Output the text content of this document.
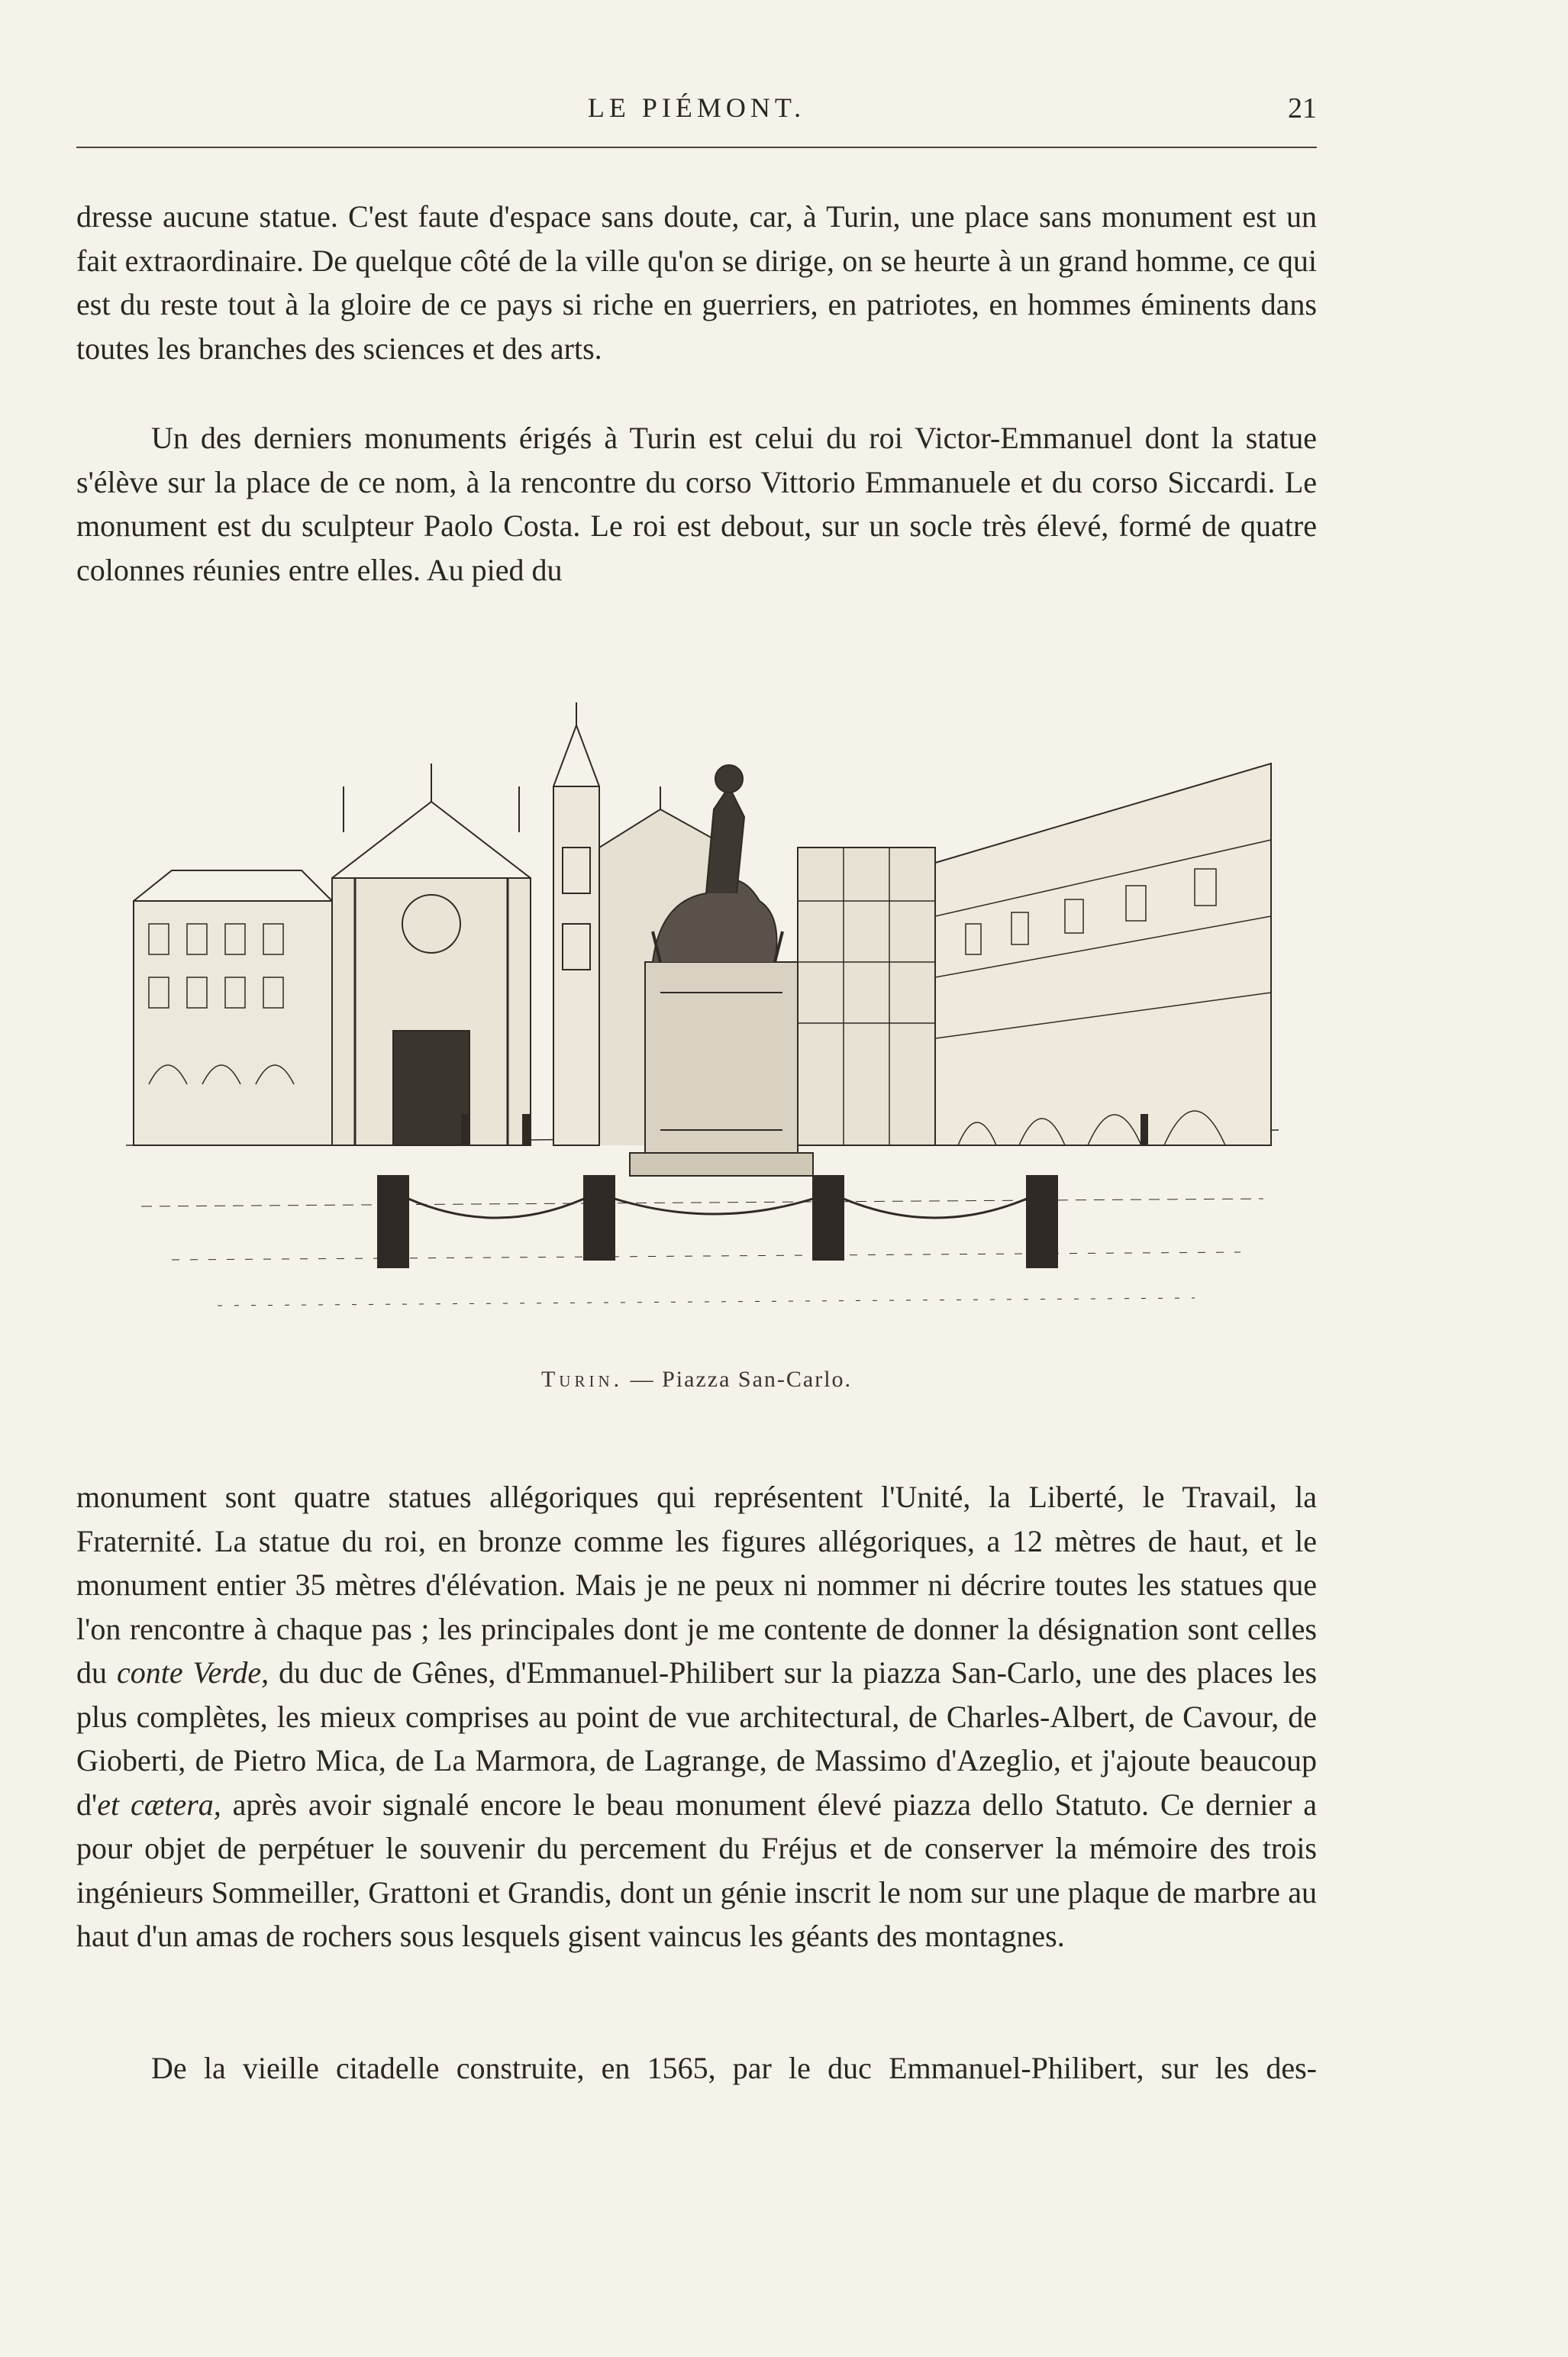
LE PIÉMONT.	21

dresse aucune statue. C'est faute d'espace sans doute, car, à Turin, une place sans monument est un fait extraordinaire. De quelque côté de la ville qu'on se dirige, on se heurte à un grand homme, ce qui est du reste tout à la gloire de ce pays si riche en guerriers, en patriotes, en hommes éminents dans toutes les branches des sciences et des arts.

Un des derniers monuments érigés à Turin est celui du roi Victor-Emmanuel dont la statue s'élève sur la place de ce nom, à la rencontre du corso Vittorio Emmanuele et du corso Siccardi. Le monument est du sculpteur Paolo Costa. Le roi est debout, sur un socle très élevé, formé de quatre colonnes réunies entre elles. Au pied du

Turin. — Piazza San-Carlo.

monument sont quatre statues allégoriques qui représentent l'Unité, la Liberté, le Travail, la Fraternité. La statue du roi, en bronze comme les figures allégoriques, a 12 mètres de haut, et le monument entier 35 mètres d'élévation. Mais je ne peux ni nommer ni décrire toutes les statues que l'on rencontre à chaque pas ; les principales dont je me contente de donner la désignation sont celles du conte Verde, du duc de Gênes, d'Emmanuel-Philibert sur la piazza San-Carlo, une des places les plus complètes, les mieux comprises au point de vue architectural, de Charles-Albert, de Cavour, de Gioberti, de Pietro Mica, de La Marmora, de Lagrange, de Massimo d'Azeglio, et j'ajoute beaucoup d'et cætera, après avoir signalé encore le beau monument élevé piazza dello Statuto. Ce dernier a pour objet de perpétuer le souvenir du percement du Fréjus et de conserver la mémoire des trois ingénieurs Sommeiller, Grattoni et Grandis, dont un génie inscrit le nom sur une plaque de marbre au haut d'un amas de rochers sous lesquels gisent vaincus les géants des montagnes.

De la vieille citadelle construite, en 1565, par le duc Emmanuel-Philibert, sur les des-
